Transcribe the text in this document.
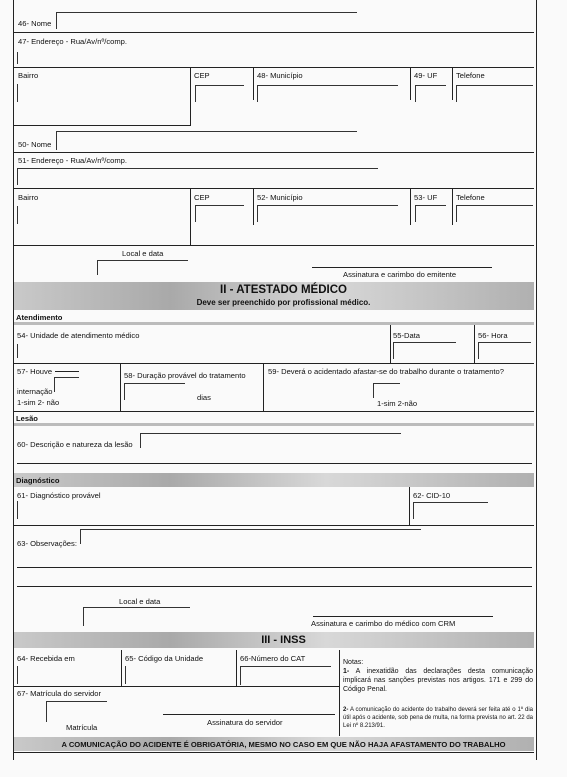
46- Nome
47- Endereço - Rua/Av/nº/comp.
Bairro	CEP	48- Município	49- UF Telefone
50- Nome
51- Endereço - Rua/Av/nº/comp.
Bairro	CEP	52- Município	53- UF Telefone
Local e data
Assinatura e carimbo do emitente
II - ATESTADO MÉDICO
Deve ser preenchido por profissional médico.
Atendimento
54- Unidade de atendimento médico	55-Data	56- Hora
57- Houve
internação
1-sim 2- não
58- Duração provável do tratamento
dias
59- Deverá o acidentado afastar-se do trabalho durante o tratamento?
1-sim 2-não
Lesão
60- Descrição e natureza da lesão
Diagnóstico
61- Diagnóstico provável	62- CID-10
63- Observações:
Local e data
Assinatura e carimbo do médico com CRM
III - INSS
64- Recebida em	65- Código da Unidade	66-Número do CAT	Notas:
1- A inexatidão das declarações desta comunicação implicará nas sanções previstas nos artigos. 171 e 299 do Código Penal.
2- A comunicação do acidente do trabalho deverá ser feita até o 1º dia útil após o acidente, sob pena de multa, na forma prevista no art. 22 da Lei nº 8.213/91.
67- Matrícula do servidor
Matrícula
Assinatura do servidor
A COMUNICAÇÃO DO ACIDENTE É OBRIGATÓRIA, MESMO NO CASO EM QUE NÃO HAJA AFASTAMENTO DO TRABALHO
